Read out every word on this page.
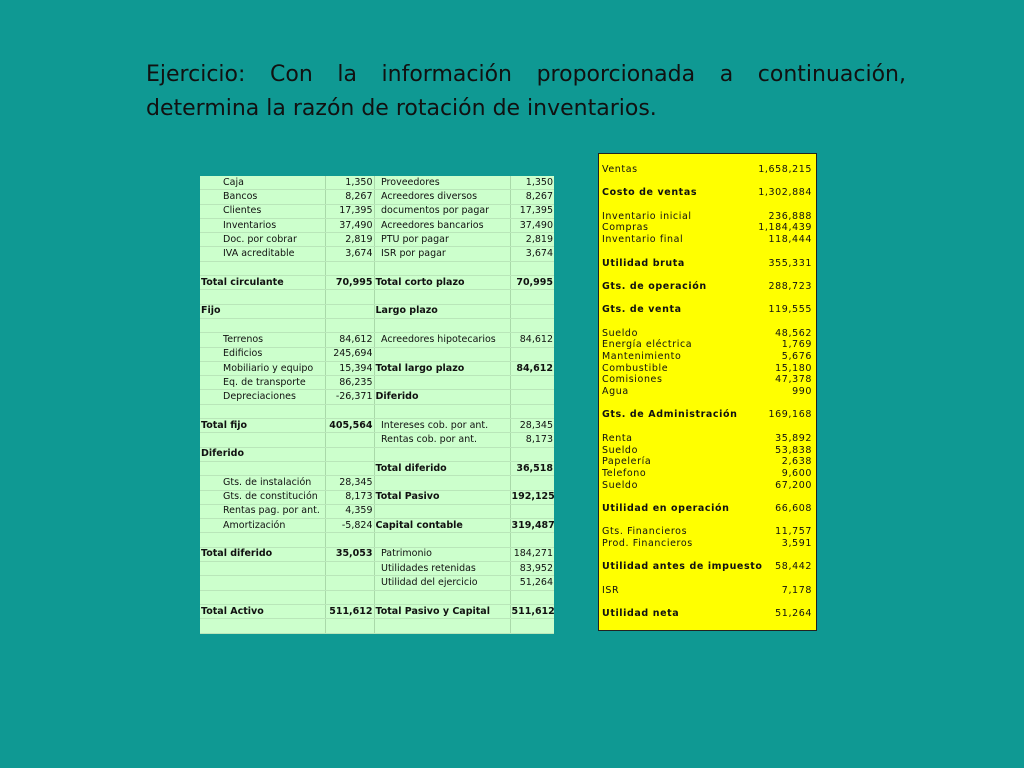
Ejercicio: Con la información proporcionada a continuación, determina la razón de rotación de inventarios.
	Caja	1,350		Proveedores	1,350
	Bancos	8,267		Acreedores diversos	8,267
	Clientes	17,395		documentos por pagar	17,395
	Inventarios	37,490		Acreedores bancarios	37,490
	Doc. por cobrar	2,819		PTU por pagar	2,819
	IVA acreditable	3,674		ISR por pagar	3,674

Total circulante		70,995	Total corto plazo		70,995

Fijo			Largo plazo		

	Terrenos	84,612		Acreedores hipotecarios	84,612
	Edificios	245,694			
	Mobiliario y equipo	15,394	Total largo plazo		84,612
	Eq. de transporte	86,235			
	Depreciaciones	-26,371	Diferido		

Total fijo		405,564		Intereses cob. por ant.	28,345
				Rentas cob. por ant.	8,173
Diferido					
			Total diferido		36,518
	Gts. de instalación	28,345			
	Gts. de constitución	8,173	Total Pasivo		192,125
	Rentas pag. por ant.	4,359			
	Amortización	-5,824	Capital contable		319,487

Total diferido		35,053		Patrimonio	184,271
				Utilidades retenidas	83,952
				Utilidad del ejercicio	51,264

Total Activo		511,612	Total Pasivo y Capital		511,612

Ventas	1,658,215
Costo de ventas	1,302,884
Inventario inicial	236,888
Compras	1,184,439
Inventario final	118,444
Utilidad bruta	355,331
Gts. de operación	288,723
Gts. de venta	119,555
Sueldo	48,562
Energía eléctrica	1,769
Mantenimiento	5,676
Combustible	15,180
Comisiones	47,378
Agua	990
Gts. de Administración	169,168
Renta	35,892
Sueldo	53,838
Papelería	2,638
Telefono	9,600
Sueldo	67,200
Utilidad en operación	66,608
Gts. Financieros	11,757
Prod. Financieros	3,591
Utilidad antes de impuesto 58,442
ISR	7,178
Utilidad neta	51,264
